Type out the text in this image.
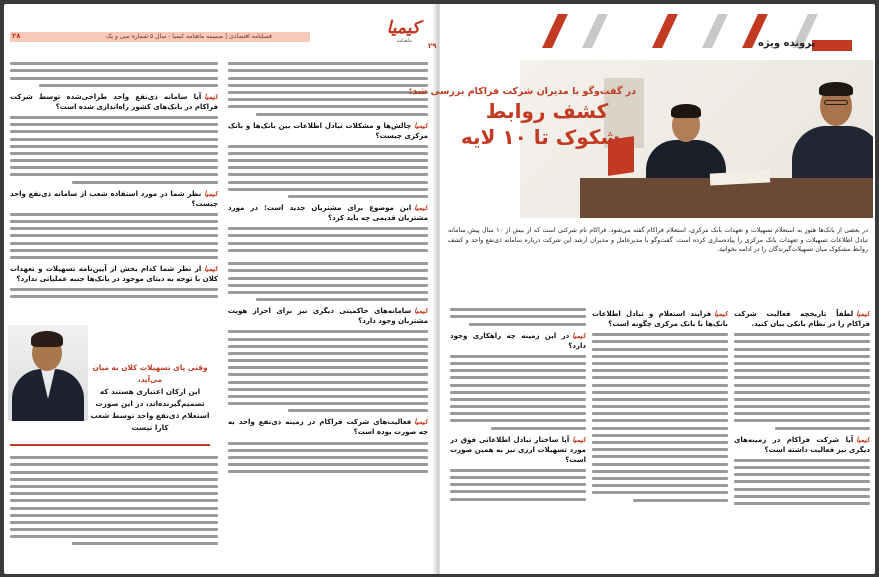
۲۸	فصلنامه اقتصادی | ضمیمه ماهنامه کیمیا - سال ۵ شماره سی و یک	کیمیا
ماهنامه
کیمیاچالش‌ها و مشکلات تبادل اطلاعات بین بانک‌ها و بانک مرکزی چیست؟
کیمیااین موضوع برای مشتریان جدید است؛ در مورد مشتریان قدیمی چه باید کرد؟
کیمیاسامانه‌های حاکمیتی دیگری نیز برای احراز هویت مشتریان وجود دارد؟
کیمیافعالیت‌های شرکت فراکام در زمینه ذی‌نفع واحد به چه صورت بوده است؟
کیمیاآیا سامانه ذی‌نفع واحد طراحی‌شده توسط شرکت فراکام در بانک‌های کشور راه‌اندازی شده است؟
کیمیانظر شما در مورد استفاده شعب از سامانه ذی‌نفع واحد چیست؟
کیمیااز نظر شما کدام بخش از آیین‌نامه تسهیلات و تعهدات کلان با توجه به دیتای موجود در بانک‌ها جنبه عملیاتی ندارد؟
وقتی پای تسهیلات کلان به میان می‌آید،
این ارکان اعتباری هستند که تصمیم‌گیرنده‌اند، در این صورت استعلام ذی‌نفع واحد توسط شعب کارا نیست
پرونده ویژه
۲۹
در گفت‌وگو با مدیران شرکت فراکام بررسی شد:
کشف روابط مشکوک تا ۱۰ لایه
در بعضی از بانک‌ها هنوز به استعلام تسهیلات و تعهدات بانک مرکزی، استعلام فراکام گفته می‌شود. فراکام نام شرکتی است که از بیش از ۱۰ سال پیش سامانه تبادل اطلاعات تسهیلات و تعهدات بانک مرکزی را پیاده‌سازی کرده است. گفت‌وگو با مدیرعامل و مدیران ارشد این شرکت درباره سامانه ذی‌نفع واحد و کشف روابط مشکوک میان تسهیلات‌گیرندگان را در ادامه بخوانید.
کیمیالطفاً تاریخچه فعالیت شرکت فراکام را در نظام بانکی بیان کنید.
کیمیاآیا شرکت فراکام در زمینه‌های دیگری نیز فعالیت داشته است؟
کیمیافرایند استعلام و تبادل اطلاعات بانک‌ها با بانک مرکزی چگونه است؟
کیمیادر این زمینه چه راهکاری وجود دارد؟
کیمیاآیا ساختار تبادل اطلاعاتی فوق در مورد تسهیلات ارزی نیز به همین صورت است؟
